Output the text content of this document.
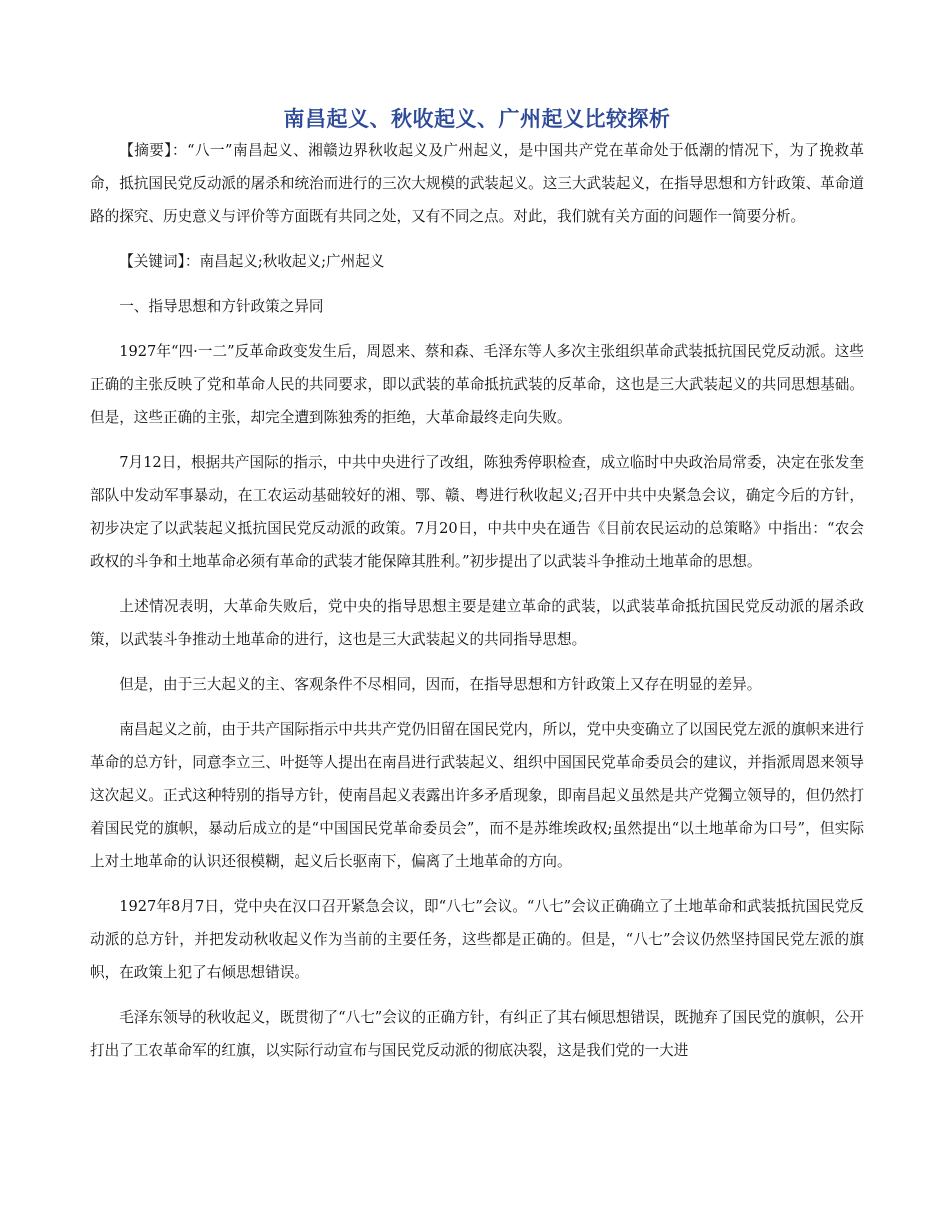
南昌起义、秋收起义、广州起义比较探析

【摘要】：“八一”南昌起义、湘赣边界秋收起义及广州起义，是中国共产党在革命处于低潮的情况下，为了挽救革命，抵抗国民党反动派的屠杀和统治而进行的三次大规模的武装起义。这三大武装起义，在指导思想和方针政策、革命道路的探究、历史意义与评价等方面既有共同之处，又有不同之点。对此，我们就有关方面的问题作一简要分析。

【关键词】：南昌起义;秋收起义;广州起义

一、指导思想和方针政策之异同

1927年“四·一二”反革命政变发生后，周恩来、蔡和森、毛泽东等人多次主张组织革命武装抵抗国民党反动派。这些正确的主张反映了党和革命人民的共同要求，即以武装的革命抵抗武装的反革命，这也是三大武装起义的共同思想基础。但是，这些正确的主张，却完全遭到陈独秀的拒绝，大革命最终走向失败。

7月12日，根据共产国际的指示，中共中央进行了改组，陈独秀停职检查，成立临时中央政治局常委，决定在张发奎部队中发动军事暴动，在工农运动基础较好的湘、鄂、赣、粤进行秋收起义;召开中共中央紧急会议，确定今后的方针，初步决定了以武装起义抵抗国民党反动派的政策。7月20日，中共中央在通告《目前农民运动的总策略》中指出：“农会政权的斗争和土地革命必须有革命的武装才能保障其胜利。”初步提出了以武装斗争推动土地革命的思想。

上述情况表明，大革命失败后，党中央的指导思想主要是建立革命的武装，以武装革命抵抗国民党反动派的屠杀政策，以武装斗争推动土地革命的进行，这也是三大武装起义的共同指导思想。

但是，由于三大起义的主、客观条件不尽相同，因而，在指导思想和方针政策上又存在明显的差异。

南昌起义之前，由于共产国际指示中共共产党仍旧留在国民党内，所以，党中央变确立了以国民党左派的旗帜来进行革命的总方针，同意李立三、叶挺等人提出在南昌进行武装起义、组织中国国民党革命委员会的建议，并指派周恩来领导这次起义。正式这种特别的指导方针，使南昌起义表露出许多矛盾现象，即南昌起义虽然是共产党獨立领导的，但仍然打着国民党的旗帜，暴动后成立的是“中国国民党革命委员会”，而不是苏维埃政权;虽然提出“以土地革命为口号”，但实际上对土地革命的认识还很模糊，起义后长驱南下，偏离了土地革命的方向。

1927年8月7日，党中央在汉口召开紧急会议，即“八七”会议。“八七”会议正确确立了土地革命和武装抵抗国民党反动派的总方针，并把发动秋收起义作为当前的主要任务，这些都是正确的。但是，“八七”会议仍然坚持国民党左派的旗帜，在政策上犯了右倾思想错误。

毛泽东领导的秋收起义，既贯彻了“八七”会议的正确方针，有纠正了其右倾思想错误，既抛弃了国民党的旗帜，公开打出了工农革命军的红旗，以实际行动宣布与国民党反动派的彻底决裂，这是我们党的一大进
